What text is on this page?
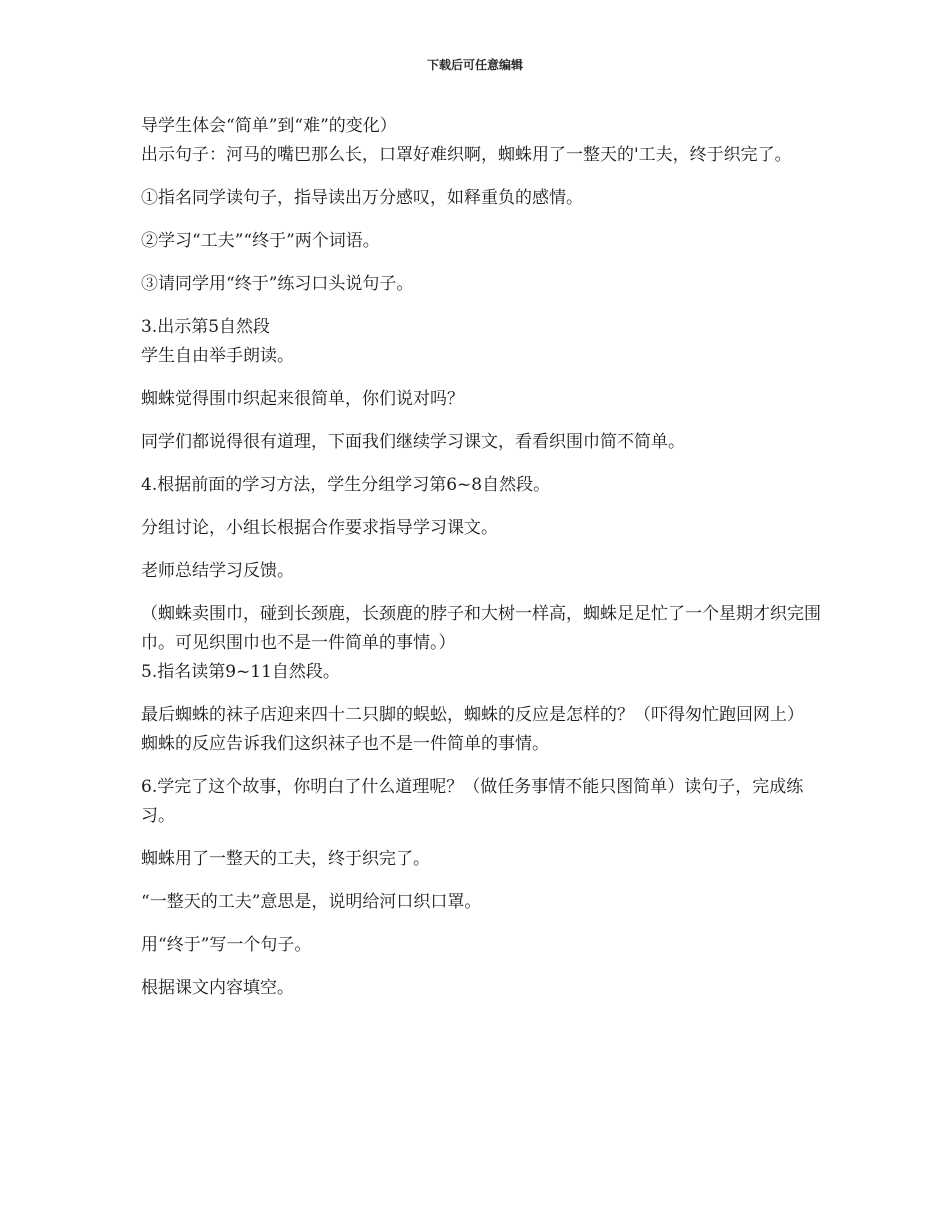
下载后可任意编辑

导学生体会“简单”到“难”的变化）

出示句子：河马的嘴巴那么长，口罩好难织啊，蜘蛛用了一整天的'工夫，终于织完了。

①指名同学读句子，指导读出万分感叹，如释重负的感情。

②学习“工夫”“终于”两个词语。

③请同学用“终于”练习口头说句子。

3.出示第5自然段

学生自由举手朗读。

蜘蛛觉得围巾织起来很简单，你们说对吗？

同学们都说得很有道理，下面我们继续学习课文，看看织围巾简不简单。

4.根据前面的学习方法，学生分组学习第6~8自然段。

分组讨论，小组长根据合作要求指导学习课文。

老师总结学习反馈。

（蜘蛛卖围巾，碰到长颈鹿，长颈鹿的脖子和大树一样高，蜘蛛足足忙了一个星期才织完围巾。可见织围巾也不是一件简单的事情。）

5.指名读第9~11自然段。

最后蜘蛛的袜子店迎来四十二只脚的蜈蚣，蜘蛛的反应是怎样的？（吓得匆忙跑回网上）

蜘蛛的反应告诉我们这织袜子也不是一件简单的事情。

6.学完了这个故事，你明白了什么道理呢？（做任务事情不能只图简单）读句子，完成练习。

蜘蛛用了一整天的工夫，终于织完了。

“一整天的工夫”意思是，说明给河口织口罩。

用“终于”写一个句子。

根据课文内容填空。
